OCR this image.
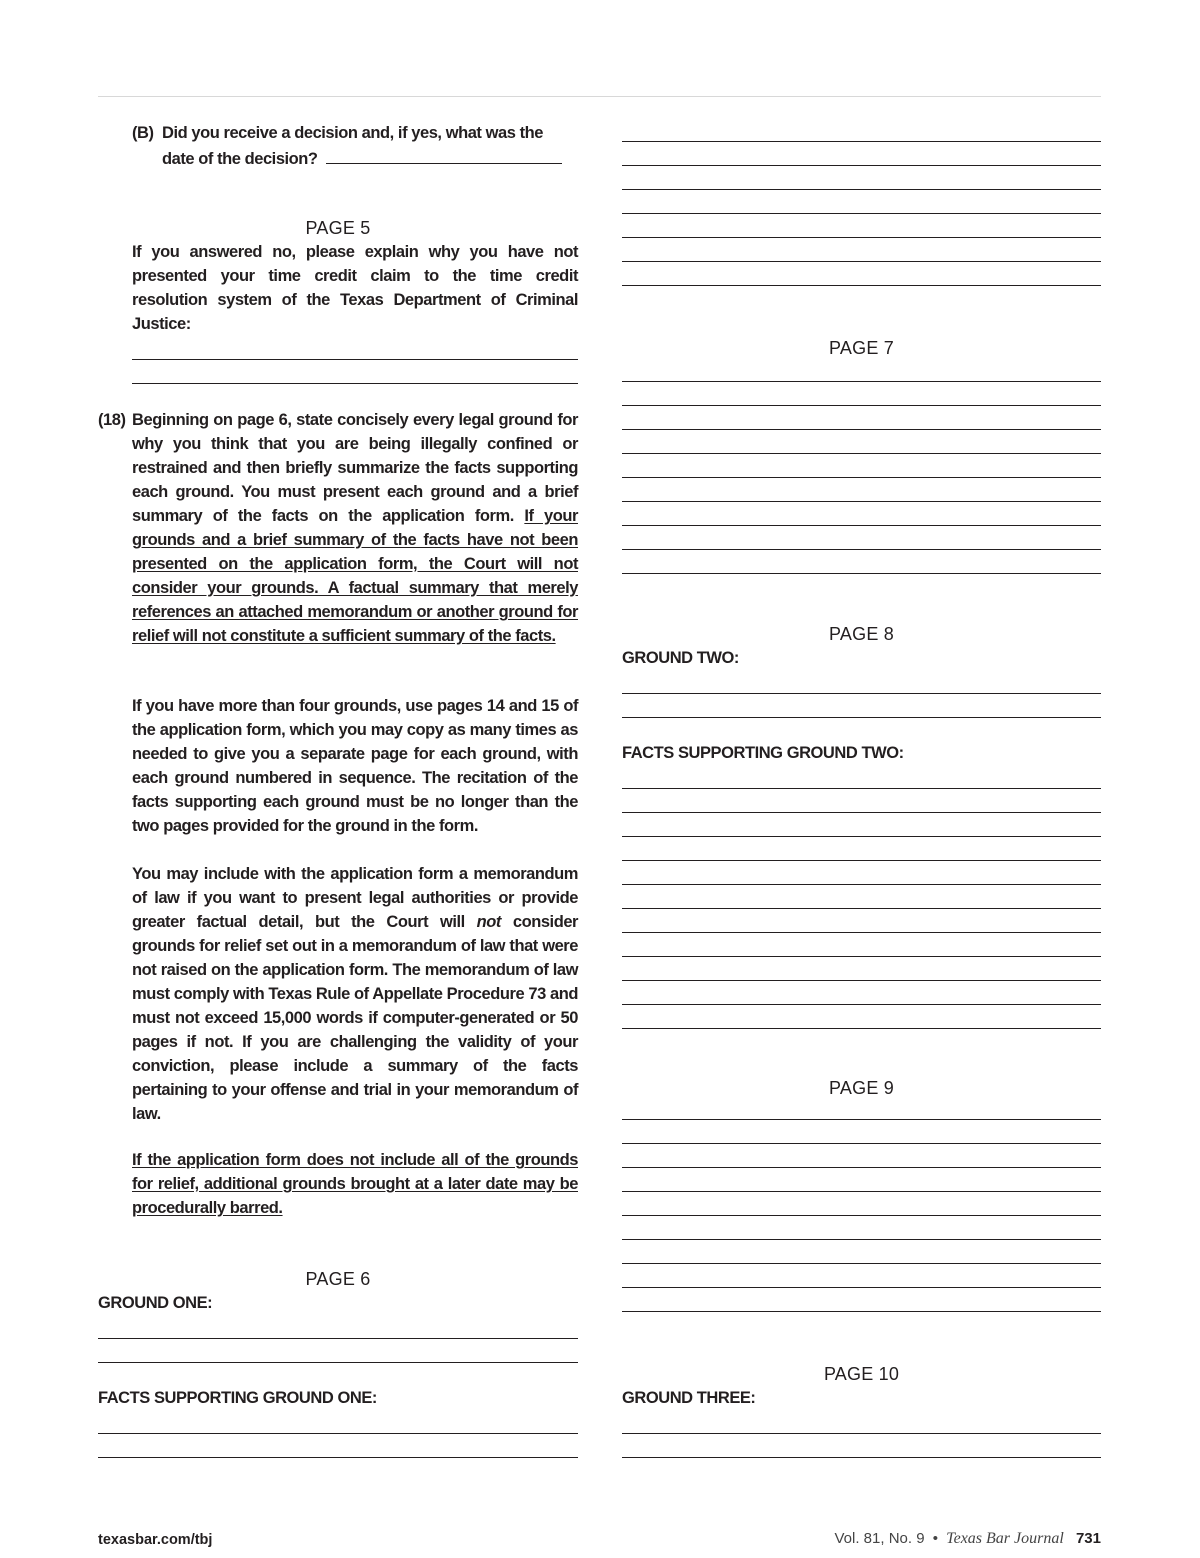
(B) Did you receive a decision and, if yes, what was the
date of the decision?
PAGE 5
If you answered no, please explain why you have not presented your time credit claim to the time credit resolution system of the Texas Department of Criminal Justice:
(18) Beginning on page 6, state concisely every legal ground for why you think that you are being illegally confined or restrained and then briefly summarize the facts supporting each ground. You must present each ground and a brief summary of the facts on the application form. If your grounds and a brief summary of the facts have not been presented on the application form, the Court will not consider your grounds. A factual summary that merely references an attached memorandum or another ground for relief will not constitute a sufficient summary of the facts.
If you have more than four grounds, use pages 14 and 15 of the application form, which you may copy as many times as needed to give you a separate page for each ground, with each ground numbered in sequence. The recitation of the facts supporting each ground must be no longer than the two pages provided for the ground in the form.
You may include with the application form a memorandum of law if you want to present legal authorities or provide greater factual detail, but the Court will not consider grounds for relief set out in a memorandum of law that were not raised on the application form. The memorandum of law must comply with Texas Rule of Appellate Procedure 73 and must not exceed 15,000 words if computer-generated or 50 pages if not. If you are challenging the validity of your conviction, please include a summary of the facts pertaining to your offense and trial in your memorandum of law.
If the application form does not include all of the grounds for relief, additional grounds brought at a later date may be procedurally barred.
PAGE 6
GROUND ONE:
FACTS SUPPORTING GROUND ONE:
PAGE 7
PAGE 8
GROUND TWO:
FACTS SUPPORTING GROUND TWO:
PAGE 9
PAGE 10
GROUND THREE:
texasbar.com/tbj	Vol. 81, No. 9 • Texas Bar Journal 731
